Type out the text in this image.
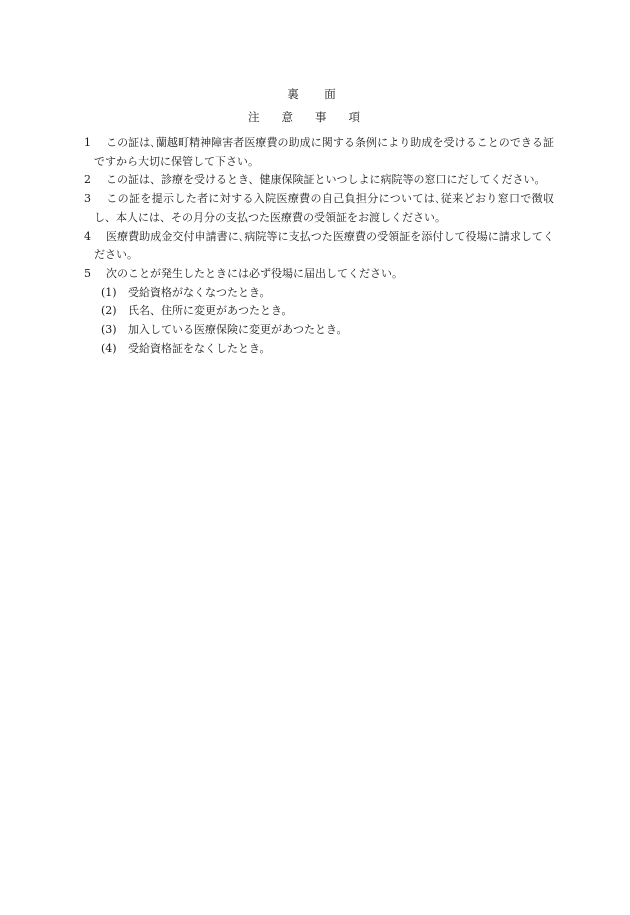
裏　面
注意事項
1 この証は､蘭越町精神障害者医療費の助成に関する条例により助成を受けることのできる証ですから大切に保管して下さい。
2 この証は、診療を受けるとき、健康保険証といつしよに病院等の窓口にだしてください。
3 この証を提示した者に対する入院医療費の自己負担分については､従来どおり窓口で徴収し、本人には、その月分の支払つた医療費の受領証をお渡しください。
4 医療費助成金交付申請書に､病院等に支払つた医療費の受領証を添付して役場に請求してください。
5 次のことが発生したときには必ず役場に届出してください。
(1) 受給資格がなくなつたとき。
(2) 氏名、住所に変更があつたとき。
(3) 加入している医療保険に変更があつたとき。
(4) 受給資格証をなくしたとき。
